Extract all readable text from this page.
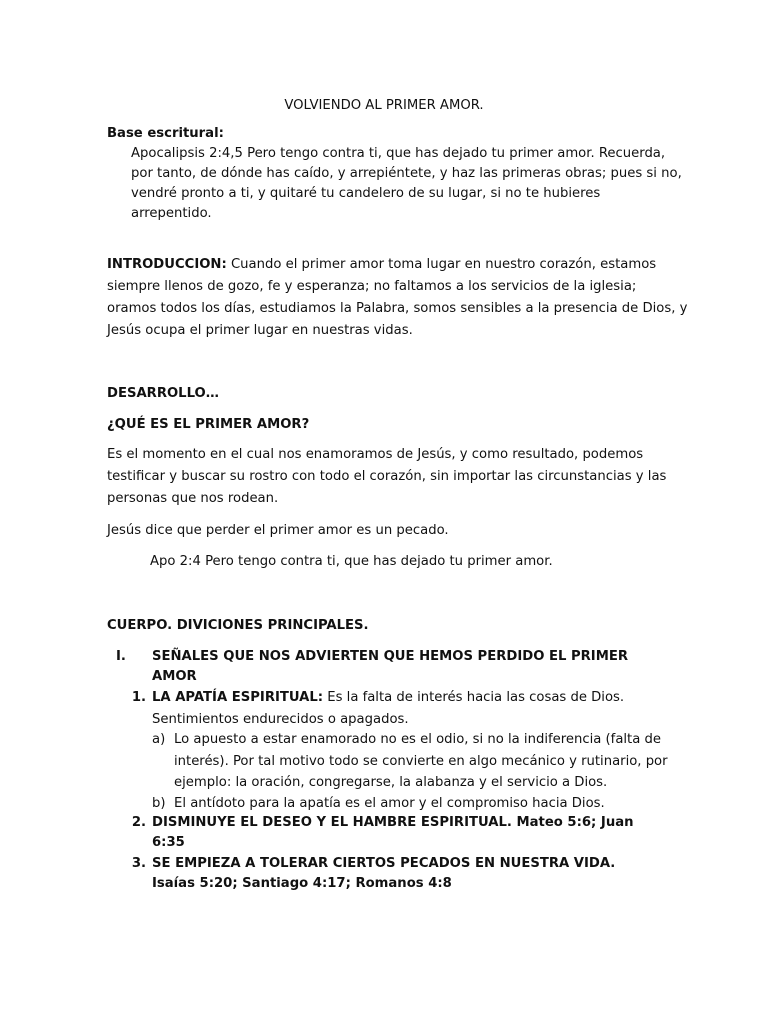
VOLVIENDO AL PRIMER AMOR.
Base escritural:
Apocalipsis 2:4,5 Pero tengo contra ti, que has dejado tu primer amor. Recuerda,
por tanto, de dónde has caído, y arrepiéntete, y haz las primeras obras; pues si no,
vendré pronto a ti, y quitaré tu candelero de su lugar, si no te hubieres
arrepentido.
INTRODUCCION: Cuando el primer amor toma lugar en nuestro corazón, estamos
siempre llenos de gozo, fe y esperanza; no faltamos a los servicios de la iglesia;
oramos todos los días, estudiamos la Palabra, somos sensibles a la presencia de Dios, y
Jesús ocupa el primer lugar en nuestras vidas.
DESARROLLO…
¿QUÉ ES EL PRIMER AMOR?
Es el momento en el cual nos enamoramos de Jesús, y como resultado, podemos
testificar y buscar su rostro con todo el corazón, sin importar las circunstancias y las
personas que nos rodean.
Jesús dice que perder el primer amor es un pecado.
Apo 2:4 Pero tengo contra ti, que has dejado tu primer amor.
CUERPO. DIVICIONES PRINCIPALES.
I. SEÑALES QUE NOS ADVIERTEN QUE HEMOS PERDIDO EL PRIMER
AMOR
1. LA APATÍA ESPIRITUAL: Es la falta de interés hacia las cosas de Dios.
Sentimientos endurecidos o apagados.
a) Lo apuesto a estar enamorado no es el odio, si no la indiferencia (falta de
interés). Por tal motivo todo se convierte en algo mecánico y rutinario, por
ejemplo: la oración, congregarse, la alabanza y el servicio a Dios.
b) El antídoto para la apatía es el amor y el compromiso hacia Dios.
2. DISMINUYE EL DESEO Y EL HAMBRE ESPIRITUAL. Mateo 5:6; Juan
6:35
3. SE EMPIEZA A TOLERAR CIERTOS PECADOS EN NUESTRA VIDA.
Isaías 5:20; Santiago 4:17; Romanos 4:8
